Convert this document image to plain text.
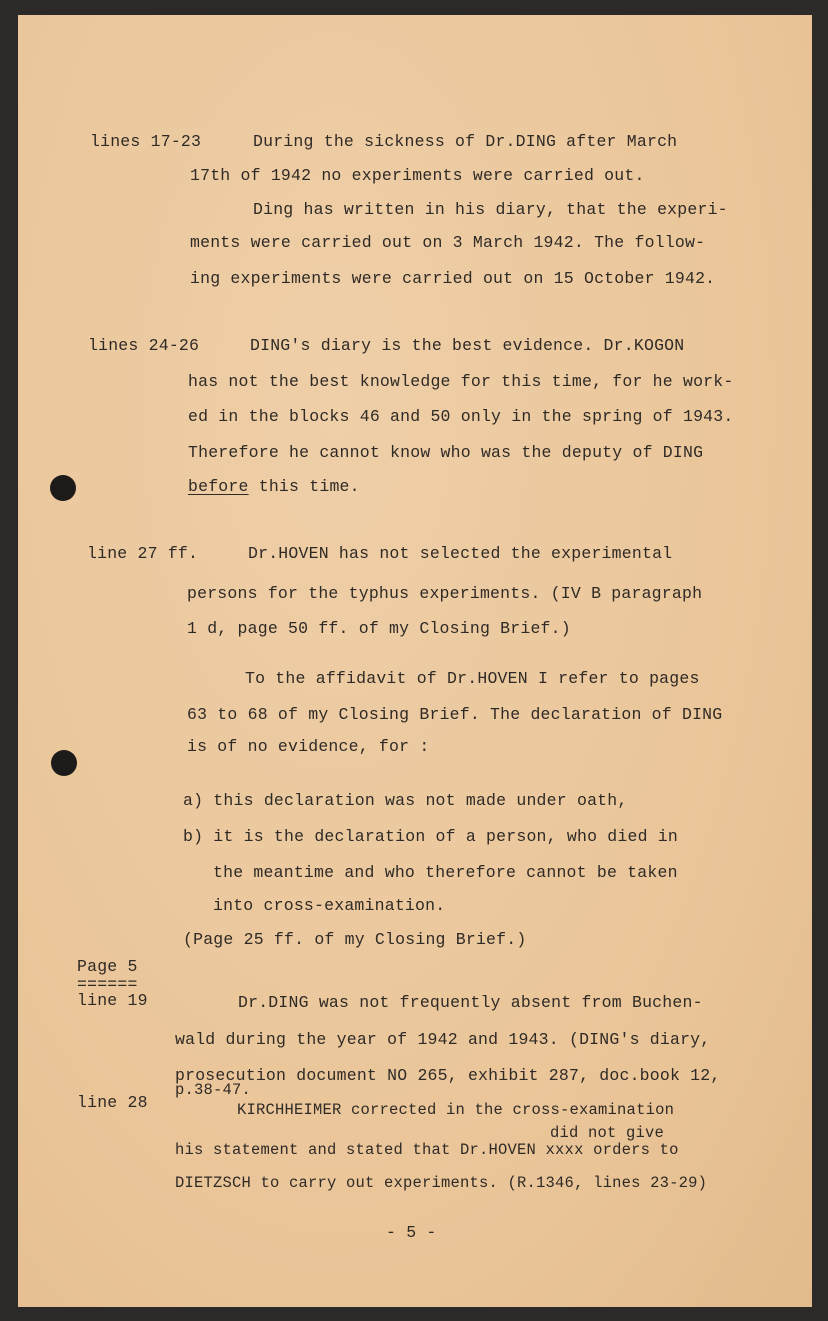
lines 17-23	During the sickness of Dr.DING after March
17th of 1942 no experiments were carried out.
Ding has written in his diary, that the experi-
ments were carried out on 3 March 1942. The follow-
ing experiments were carried out on 15 October 1942.
lines 24-26	DING's diary is the best evidence. Dr.KOGON
has not the best knowledge for this time, for he work-
ed in the blocks 46 and 50 only in the spring of 1943.
Therefore he cannot know who was the deputy of DING
before this time.
line 27 ff.	Dr.HOVEN has not selected the experimental
persons for the typhus experiments. (IV B paragraph
1 d, page 50 ff. of my Closing Brief.)
To the affidavit of Dr.HOVEN I refer to pages
63 to 68 of my Closing Brief. The declaration of DING
is of no evidence, for :
a) this declaration was not made under oath,
b) it is the declaration of a person, who died in
the meantime and who therefore cannot be taken
into cross-examination.
(Page 25 ff. of my Closing Brief.)
Page 5
======
line 19	Dr.DING was not frequently absent from Buchen-
wald during the year of 1942 and 1943. (DING's diary,
prosecution document NO 265, exhibit 287, doc.book 12,
p.38-47.
line 28	KIRCHHEIMER corrected in the cross-examination
did not give
his statement and stated that Dr.HOVEN xxxx orders to
DIETZSCH to carry out experiments. (R.1346, lines 23-29)
- 5 -
